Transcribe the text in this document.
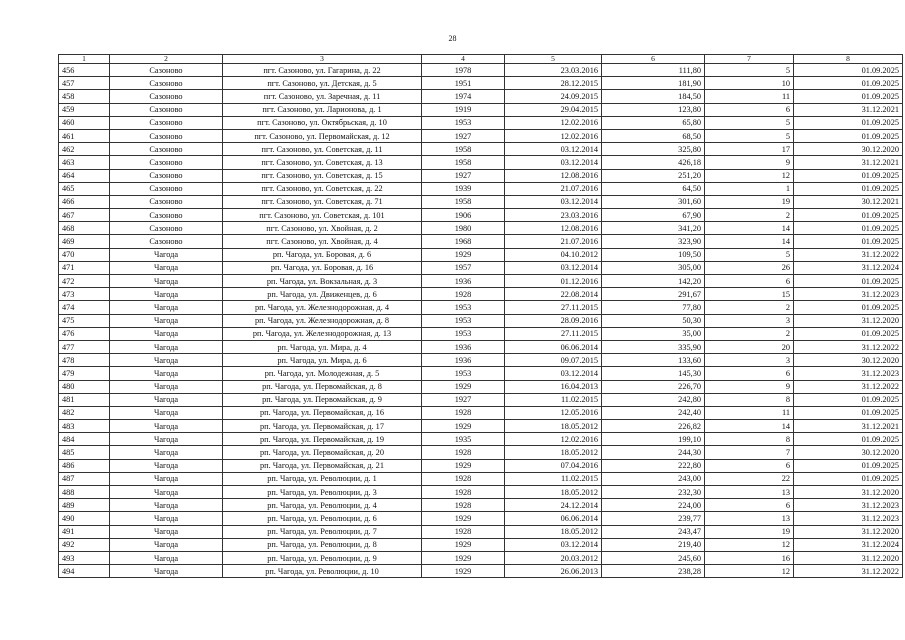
28
1	2	3	4	5	6	7	8
456	Сазоново	пгт. Сазоново, ул. Гагарина, д. 22	1978	23.03.2016	111,80	5	01.09.2025
457	Сазоново	пгт. Сазоново, ул. Детская, д. 5	1951	28.12.2015	181,90	10	01.09.2025
458	Сазоново	пгт. Сазоново, ул. Заречная, д. 11	1974	24.09.2015	184,50	11	01.09.2025
459	Сазоново	пгт. Сазоново, ул. Ларионова, д. 1	1919	29.04.2015	123,80	6	31.12.2021
460	Сазоново	пгт. Сазоново, ул. Октябрьская, д. 10	1953	12.02.2016	65,80	5	01.09.2025
461	Сазоново	пгт. Сазоново, ул. Первомайская, д. 12	1927	12.02.2016	68,50	5	01.09.2025
462	Сазоново	пгт. Сазоново, ул. Советская, д. 11	1958	03.12.2014	325,80	17	30.12.2020
463	Сазоново	пгт. Сазоново, ул. Советская, д. 13	1958	03.12.2014	426,18	9	31.12.2021
464	Сазоново	пгт. Сазоново, ул. Советская, д. 15	1927	12.08.2016	251,20	12	01.09.2025
465	Сазоново	пгт. Сазоново, ул. Советская, д. 22	1939	21.07.2016	64,50	1	01.09.2025
466	Сазоново	пгт. Сазоново, ул. Советская, д. 71	1958	03.12.2014	301,60	19	30.12.2021
467	Сазоново	пгт. Сазоново, ул. Советская, д. 101	1906	23.03.2016	67,90	2	01.09.2025
468	Сазоново	пгт. Сазоново, ул. Хвойная, д. 2	1980	12.08.2016	341,20	14	01.09.2025
469	Сазоново	пгт. Сазоново, ул. Хвойная, д. 4	1968	21.07.2016	323,90	14	01.09.2025
470	Чагода	рп. Чагода, ул. Боровая, д. 6	1929	04.10.2012	109,50	5	31.12.2022
471	Чагода	рп. Чагода, ул. Боровая, д. 16	1957	03.12.2014	305,00	26	31.12.2024
472	Чагода	рп. Чагода, ул. Вокзальная, д. 3	1936	01.12.2016	142,20	6	01.09.2025
473	Чагода	рп. Чагода, ул. Движенцев, д. 6	1928	22.08.2014	291,67	15	31.12.2023
474	Чагода	рп. Чагода, ул. Железнодорожная, д. 4	1953	27.11.2015	77,80	2	01.09.2025
475	Чагода	рп. Чагода, ул. Железнодорожная, д. 8	1953	28.09.2016	50,30	3	31.12.2020
476	Чагода	рп. Чагода, ул. Железнодорожная, д. 13	1953	27.11.2015	35,00	2	01.09.2025
477	Чагода	рп. Чагода, ул. Мира, д. 4	1936	06.06.2014	335,90	20	31.12.2022
478	Чагода	рп. Чагода, ул. Мира, д. 6	1936	09.07.2015	133,60	3	30.12.2020
479	Чагода	рп. Чагода, ул. Молодежная, д. 5	1953	03.12.2014	145,30	6	31.12.2023
480	Чагода	рп. Чагода, ул. Первомайская, д. 8	1929	16.04.2013	226,70	9	31.12.2022
481	Чагода	рп. Чагода, ул. Первомайская, д. 9	1927	11.02.2015	242,80	8	01.09.2025
482	Чагода	рп. Чагода, ул. Первомайская, д. 16	1928	12.05.2016	242,40	11	01.09.2025
483	Чагода	рп. Чагода, ул. Первомайская, д. 17	1929	18.05.2012	226,82	14	31.12.2021
484	Чагода	рп. Чагода, ул. Первомайская, д. 19	1935	12.02.2016	199,10	8	01.09.2025
485	Чагода	рп. Чагода, ул. Первомайская, д. 20	1928	18.05.2012	244,30	7	30.12.2020
486	Чагода	рп. Чагода, ул. Первомайская, д. 21	1929	07.04.2016	222,80	6	01.09.2025
487	Чагода	рп. Чагода, ул. Революции, д. 1	1928	11.02.2015	243,00	22	01.09.2025
488	Чагода	рп. Чагода, ул. Революции, д. 3	1928	18.05.2012	232,30	13	31.12.2020
489	Чагода	рп. Чагода, ул. Революции, д. 4	1928	24.12.2014	224,00	6	31.12.2023
490	Чагода	рп. Чагода, ул. Революции, д. 6	1929	06.06.2014	239,77	13	31.12.2023
491	Чагода	рп. Чагода, ул. Революции, д. 7	1928	18.05.2012	243,47	19	31.12.2020
492	Чагода	рп. Чагода, ул. Революции, д. 8	1929	03.12.2014	219,40	12	31.12.2024
493	Чагода	рп. Чагода, ул. Революции, д. 9	1929	20.03.2012	245,60	16	31.12.2020
494	Чагода	рп. Чагода, ул. Революции, д. 10	1929	26.06.2013	238,28	12	31.12.2022
